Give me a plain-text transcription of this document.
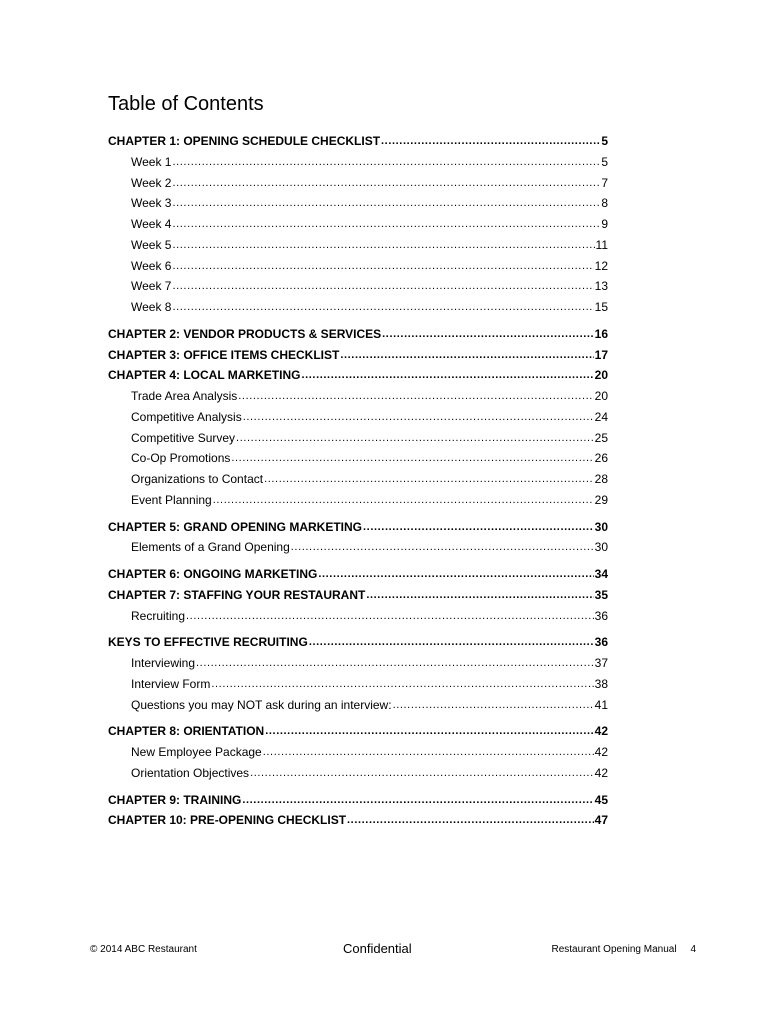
Table of Contents
CHAPTER 1: OPENING SCHEDULE CHECKLIST .....	5
Week 1 .....	5
Week 2 .....	7
Week 3 .....	8
Week 4 .....	9
Week 5 .....	11
Week 6 .....	12
Week 7 .....	13
Week 8 .....	15
CHAPTER 2: VENDOR PRODUCTS & SERVICES .....	16
CHAPTER 3: OFFICE ITEMS CHECKLIST .....	17
CHAPTER 4: LOCAL MARKETING .....	20
Trade Area Analysis .....	20
Competitive Analysis .....	24
Competitive Survey .....	25
Co-Op Promotions .....	26
Organizations to Contact .....	28
Event Planning .....	29
CHAPTER 5: GRAND OPENING MARKETING .....	30
Elements of a Grand Opening .....	30
CHAPTER 6: ONGOING MARKETING .....	34
CHAPTER 7: STAFFING YOUR RESTAURANT .....	35
Recruiting .....	36
KEYS TO EFFECTIVE RECRUITING .....	36
Interviewing .....	37
Interview Form .....	38
Questions you may NOT ask during an interview: .....	41
CHAPTER 8: ORIENTATION .....	42
New Employee Package .....	42
Orientation Objectives .....	42
CHAPTER 9: TRAINING .....	45
CHAPTER 10: PRE-OPENING CHECKLIST .....	47
© 2014 ABC Restaurant	Confidential	Restaurant Opening Manual     4
